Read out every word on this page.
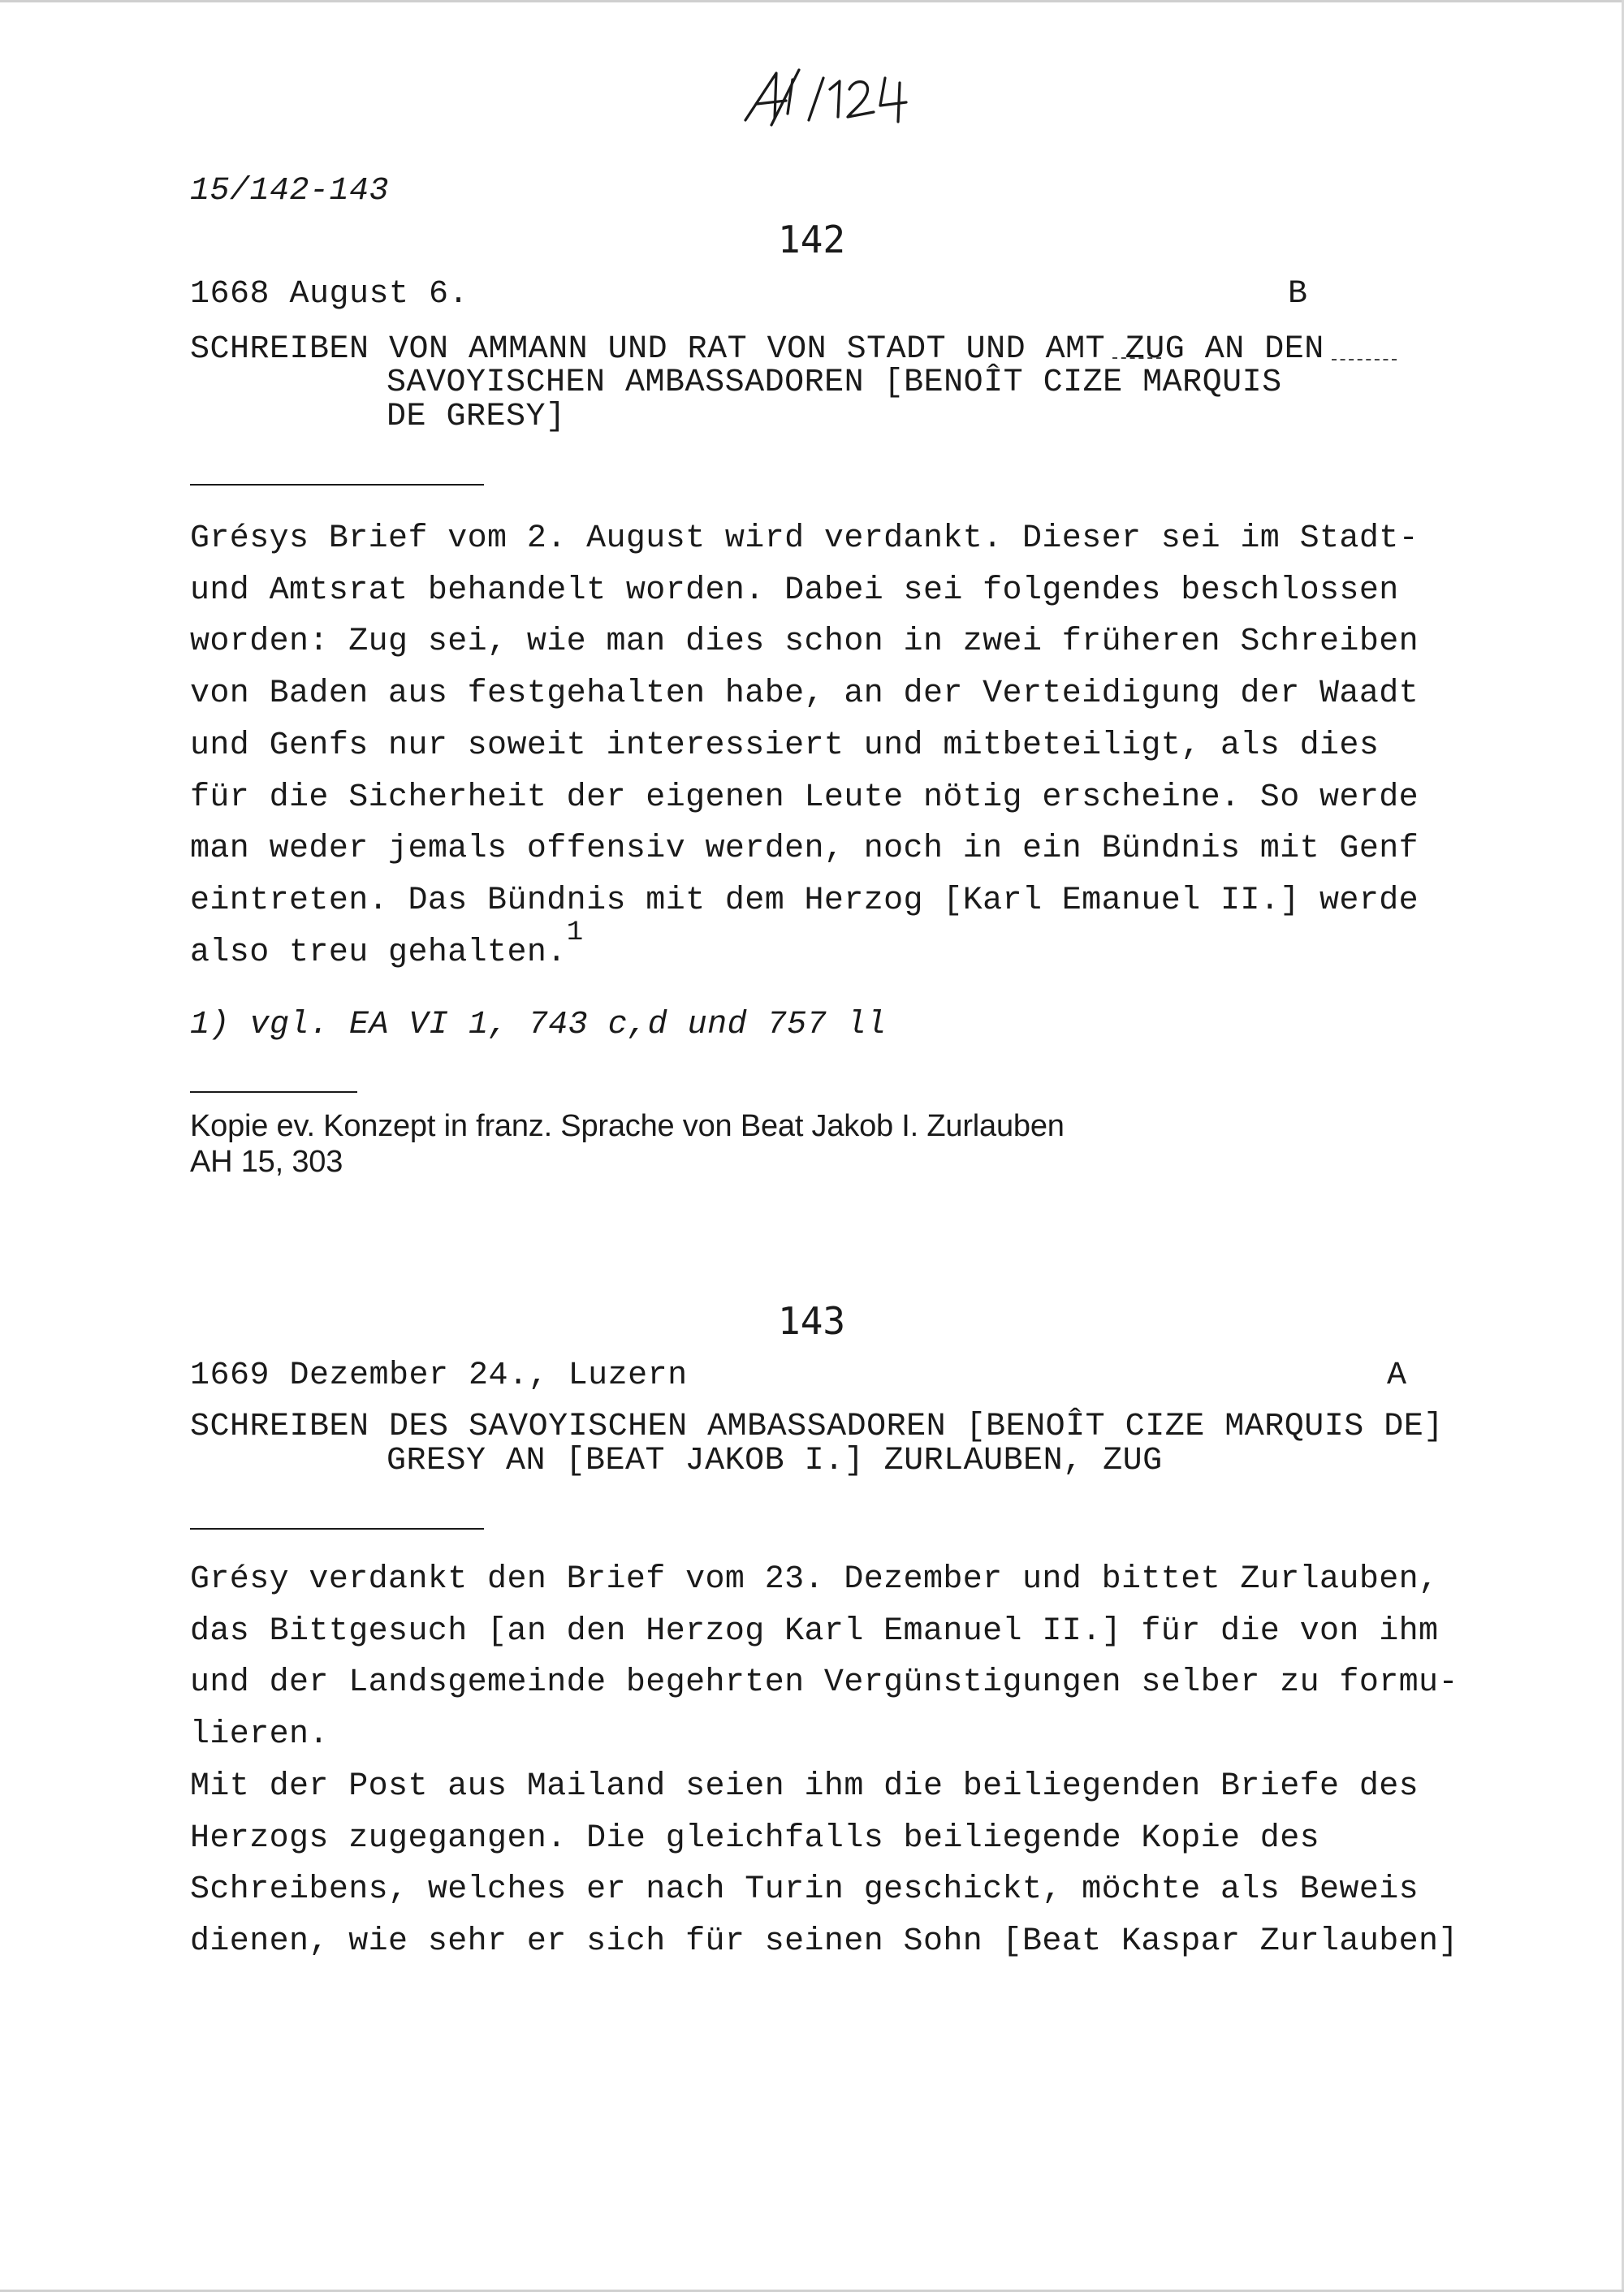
15/142-143
142
1668 August 6.	B
SCHREIBEN VON AMMANN UND RAT VON STADT UND AMT ZUG AN DEN
SAVOYISCHEN AMBASSADOREN [BENOÎT CIZE MARQUIS
DE GRESY]
Grésys Brief vom 2. August wird verdankt. Dieser sei im Stadt-
und Amtsrat behandelt worden. Dabei sei folgendes beschlossen
worden: Zug sei, wie man dies schon in zwei früheren Schreiben
von Baden aus festgehalten habe, an der Verteidigung der Waadt
und Genfs nur soweit interessiert und mitbeteiligt, als dies
für die Sicherheit der eigenen Leute nötig erscheine. So werde
man weder jemals offensiv werden, noch in ein Bündnis mit Genf
eintreten. Das Bündnis mit dem Herzog [Karl Emanuel II.] werde
also treu gehalten.$^1$
1) vgl. EA VI 1, 743 c,d und 757 ll
Kopie ev. Konzept in franz. Sprache von Beat Jakob I. Zurlauben
AH 15, 303
143
1669 Dezember 24., Luzern	A
SCHREIBEN DES SAVOYISCHEN AMBASSADOREN [BENOÎT CIZE MARQUIS DE]
GRESY AN [BEAT JAKOB I.] ZURLAUBEN, ZUG
Grésy verdankt den Brief vom 23. Dezember und bittet Zurlauben,
das Bittgesuch [an den Herzog Karl Emanuel II.] für die von ihm
und der Landsgemeinde begehrten Vergünstigungen selber zu formu-
lieren.
Mit der Post aus Mailand seien ihm die beiliegenden Briefe des
Herzogs zugegangen. Die gleichfalls beiliegende Kopie des
Schreibens, welches er nach Turin geschickt, möchte als Beweis
dienen, wie sehr er sich für seinen Sohn [Beat Kaspar Zurlauben]
